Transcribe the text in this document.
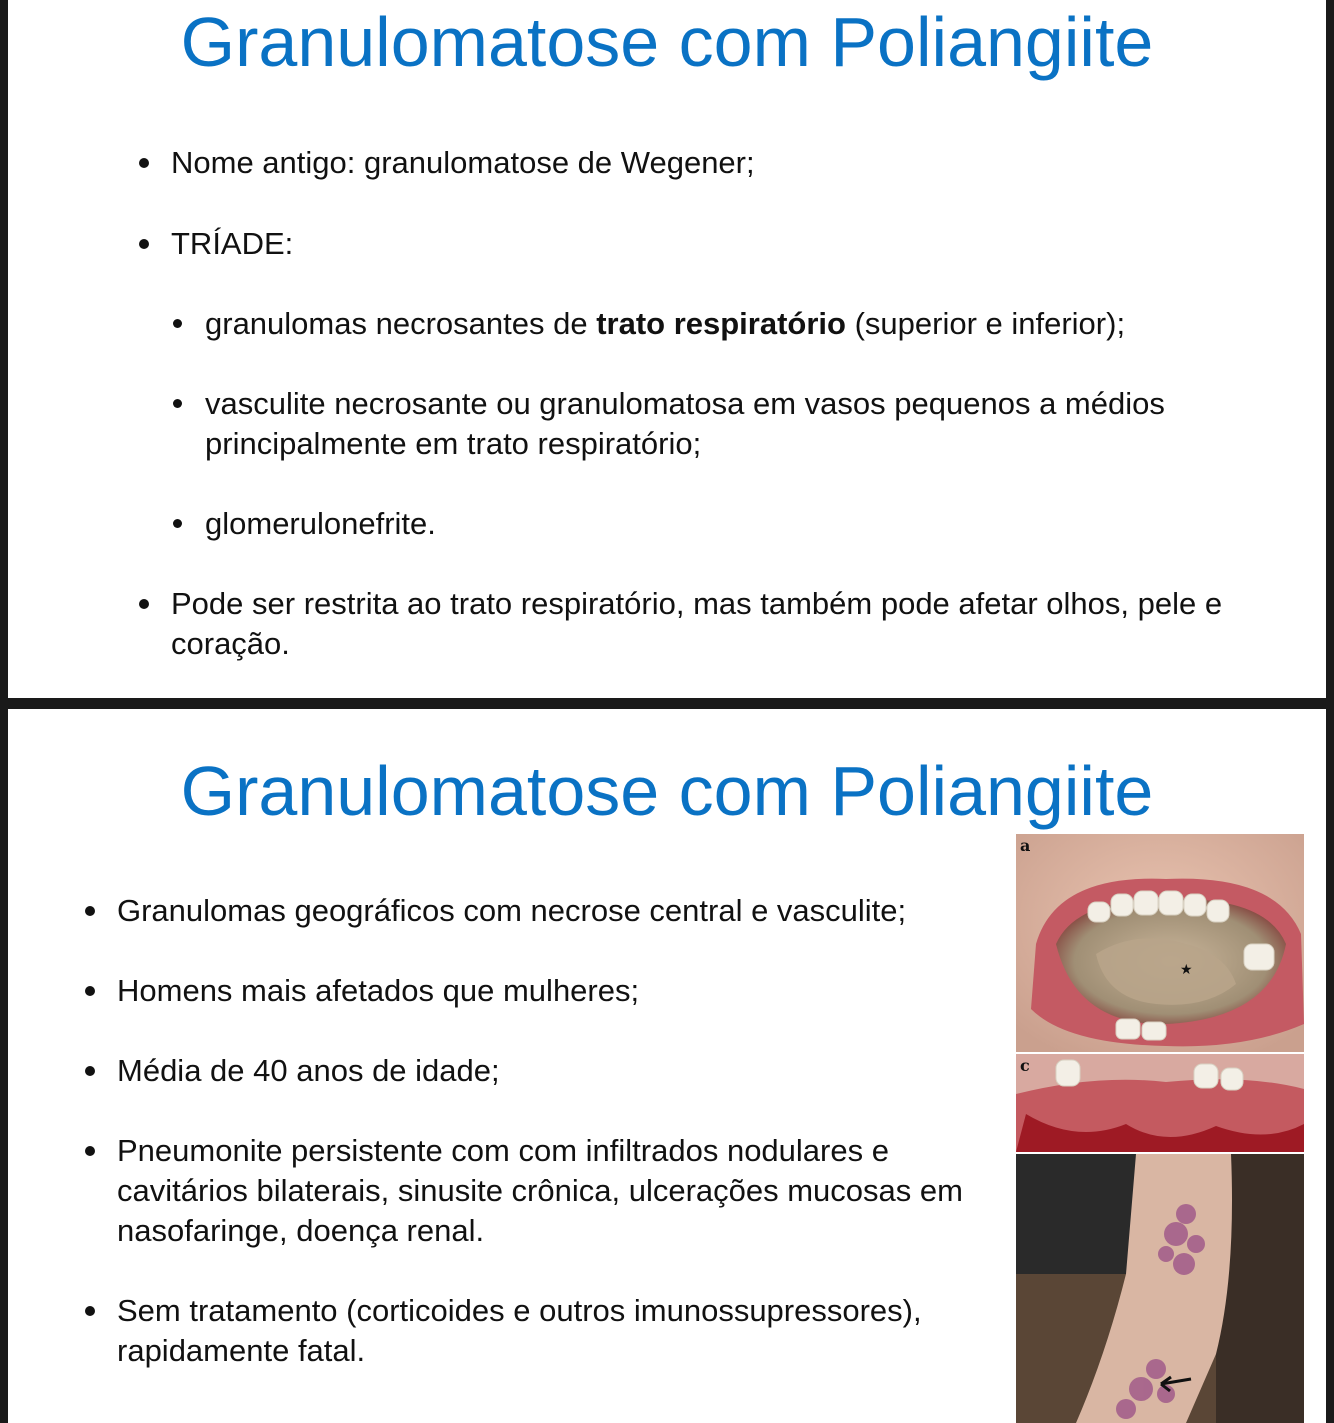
Granulomatose com Poliangiite
Nome antigo: granulomatose de Wegener;
TRÍADE:
granulomas necrosantes de trato respiratório (superior e inferior);
vasculite necrosante ou granulomatosa em vasos pequenos a médios principalmente em trato respiratório;
glomerulonefrite.
Pode ser restrita ao trato respiratório, mas também pode afetar olhos, pele e coração.
Granulomatose com Poliangiite
Granulomas geográficos com necrose central e vasculite;
Homens mais afetados que mulheres;
Média de 40 anos de idade;
Pneumonite persistente com com infiltrados nodulares e cavitários bilaterais, sinusite crônica, ulcerações mucosas em nasofaringe, doença renal.
Sem tratamento (corticoides e outros imunossupressores), rapidamente fatal.
★
a
c
